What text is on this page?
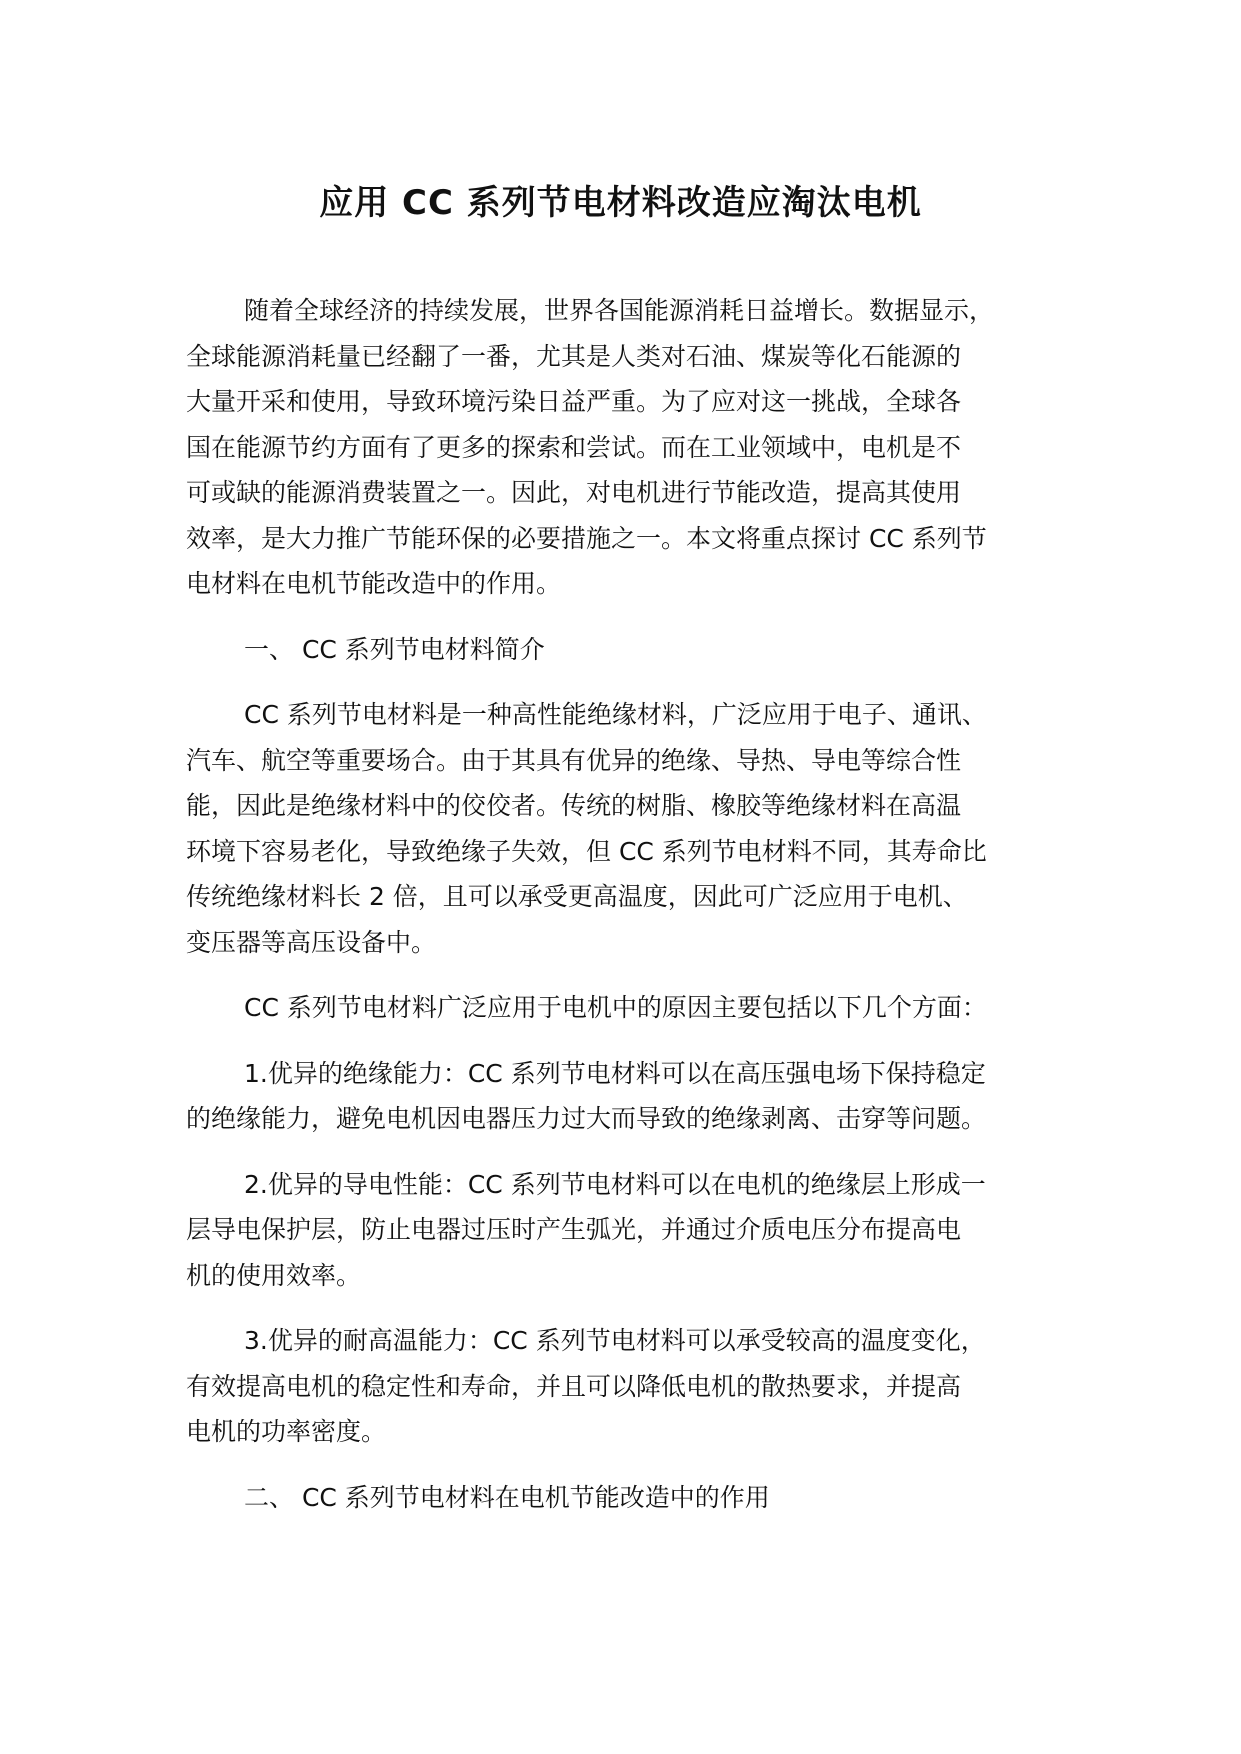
应用 CC 系列节电材料改造应淘汰电机

随着全球经济的持续发展，世界各国能源消耗日益增长。数据显示，
全球能源消耗量已经翻了一番，尤其是人类对石油、煤炭等化石能源的
大量开采和使用，导致环境污染日益严重。为了应对这一挑战，全球各
国在能源节约方面有了更多的探索和尝试。而在工业领域中，电机是不
可或缺的能源消费装置之一。因此，对电机进行节能改造，提高其使用
效率，是大力推广节能环保的必要措施之一。本文将重点探讨 CC 系列节
电材料在电机节能改造中的作用。

一、 CC 系列节电材料简介

CC 系列节电材料是一种高性能绝缘材料，广泛应用于电子、通讯、
汽车、航空等重要场合。由于其具有优异的绝缘、导热、导电等综合性
能，因此是绝缘材料中的佼佼者。传统的树脂、橡胶等绝缘材料在高温
环境下容易老化，导致绝缘子失效，但 CC 系列节电材料不同，其寿命比
传统绝缘材料长 2 倍，且可以承受更高温度，因此可广泛应用于电机、
变压器等高压设备中。

CC 系列节电材料广泛应用于电机中的原因主要包括以下几个方面：

1.优异的绝缘能力：CC 系列节电材料可以在高压强电场下保持稳定
的绝缘能力，避免电机因电器压力过大而导致的绝缘剥离、击穿等问题。

2.优异的导电性能：CC 系列节电材料可以在电机的绝缘层上形成一
层导电保护层，防止电器过压时产生弧光，并通过介质电压分布提高电
机的使用效率。

3.优异的耐高温能力：CC 系列节电材料可以承受较高的温度变化，
有效提高电机的稳定性和寿命，并且可以降低电机的散热要求，并提高
电机的功率密度。

二、 CC 系列节电材料在电机节能改造中的作用
